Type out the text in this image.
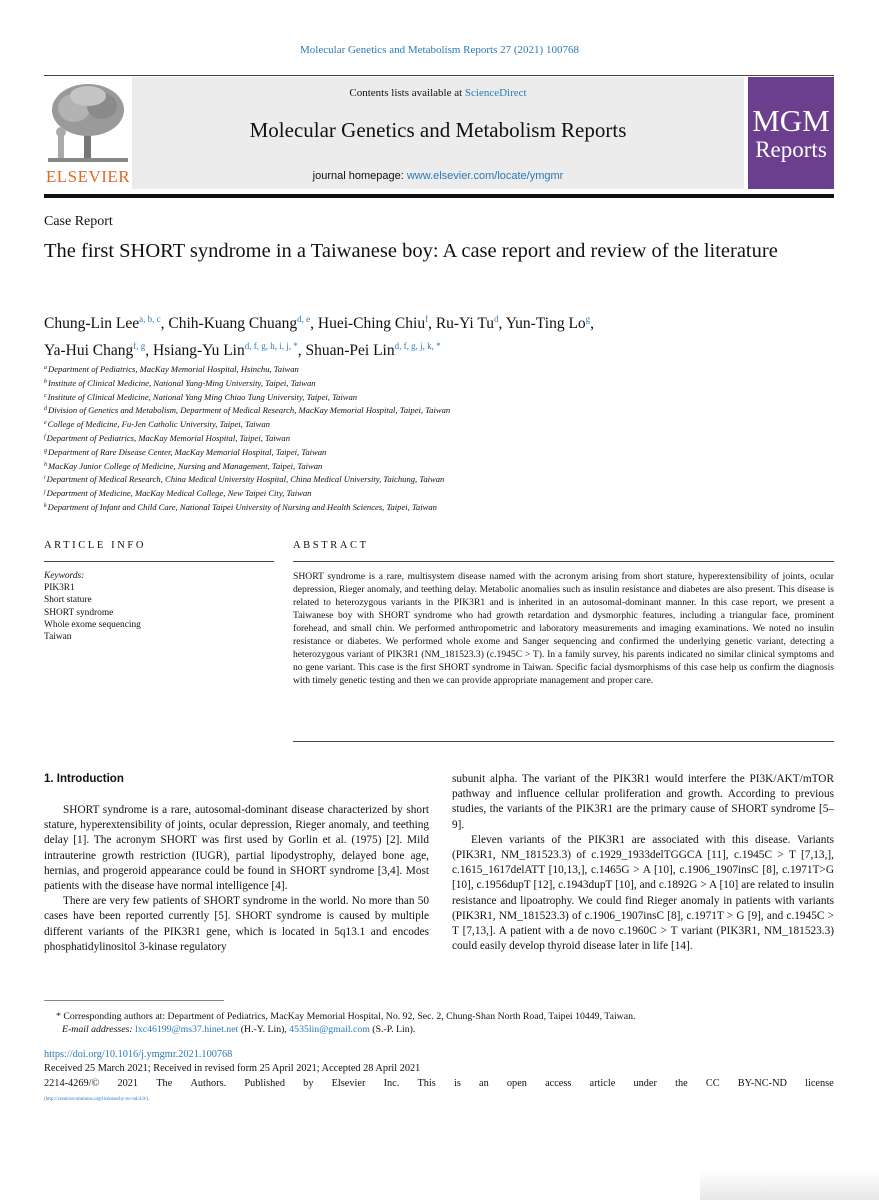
Molecular Genetics and Metabolism Reports 27 (2021) 100768
Contents lists available at ScienceDirect
Molecular Genetics and Metabolism Reports
journal homepage: www.elsevier.com/locate/ymgmr
ELSEVIER
MGM
Reports
Case Report
The first SHORT syndrome in a Taiwanese boy: A case report and review of the literature
Chung-Lin Lee$^{a, b, c}$, Chih-Kuang Chuang$^{d, e}$, Huei-Ching Chiu$^f$, Ru-Yi Tu$^d$, Yun-Ting Lo$^g$,
Ya-Hui Chang$^{f, g}$, Hsiang-Yu Lin$^{d, f, g, h, i, j, *}$, Shuan-Pei Lin$^{d, f, g, j, k, *}$
$^a$Department of Pediatrics, MacKay Memorial Hospital, Hsinchu, Taiwan
$^b$Institute of Clinical Medicine, National Yang-Ming University, Taipei, Taiwan
$^c$Institute of Clinical Medicine, National Yang Ming Chiao Tung University, Taipei, Taiwan
$^d$Division of Genetics and Metabolism, Department of Medical Research, MacKay Memorial Hospital, Taipei, Taiwan
$^e$College of Medicine, Fu-Jen Catholic University, Taipei, Taiwan
$^f$Department of Pediatrics, MacKay Memorial Hospital, Taipei, Taiwan
$^g$Department of Rare Disease Center, MacKay Memorial Hospital, Taipei, Taiwan
$^h$MacKay Junior College of Medicine, Nursing and Management, Taipei, Taiwan
$^i$Department of Medical Research, China Medical University Hospital, China Medical University, Taichung, Taiwan
$^j$Department of Medicine, MacKay Medical College, New Taipei City, Taiwan
$^k$Department of Infant and Child Care, National Taipei University of Nursing and Health Sciences, Taipei, Taiwan
ARTICLE INFO
Keywords:
PIK3R1
Short stature
SHORT syndrome
Whole exome sequencing
Taiwan
ABSTRACT
SHORT syndrome is a rare, multisystem disease named with the acronym arising from short stature, hyperextensibility of joints, ocular depression, Rieger anomaly, and teething delay. Metabolic anomalies such as insulin resistance and diabetes are also present. This disease is related to heterozygous variants in the PIK3R1 and is inherited in an autosomal-dominant manner. In this case report, we present a Taiwanese boy with SHORT syndrome who had growth retardation and dysmorphic features, including a triangular face, prominent forehead, and small chin. We performed anthropometric and laboratory measurements and imaging examinations. We noted no insulin resistance or diabetes. We performed whole exome and Sanger sequencing and confirmed the underlying genetic variant, detecting a heterozygous variant of PIK3R1 (NM_181523.3) (c.1945C > T). In a family survey, his parents indicated no similar clinical symptoms and no gene variant. This case is the first SHORT syndrome in Taiwan. Specific facial dysmorphisms of this case help us confirm the diagnosis with timely genetic testing and then we can provide appropriate management and proper care.
1. Introduction

SHORT syndrome is a rare, autosomal-dominant disease characterized by short stature, hyperextensibility of joints, ocular depression, Rieger anomaly, and teething delay [1]. The acronym SHORT was first used by Gorlin et al. (1975) [2]. Mild intrauterine growth restriction (IUGR), partial lipodystrophy, delayed bone age, hernias, and progeroid appearance could be found in SHORT syndrome [3,4]. Most patients with the disease have normal intelligence [4].

There are very few patients of SHORT syndrome in the world. No more than 50 cases have been reported currently [5]. SHORT syndrome is caused by multiple different variants of the PIK3R1 gene, which is located in 5q13.1 and encodes phosphatidylinositol 3-kinase regulatory

subunit alpha. The variant of the PIK3R1 would interfere the PI3K/AKT/mTOR pathway and influence cellular proliferation and growth. According to previous studies, the variants of the PIK3R1 are the primary cause of SHORT syndrome [5–9].

Eleven variants of the PIK3R1 are associated with this disease. Variants (PIK3R1, NM_181523.3) of c.1929_1933delTGGCA [11], c.1945C > T [7,13,], c.1615_1617delATT [10,13,], c.1465G > A [10], c.1906_1907insC [8], c.1971T>G [10], c.1956dupT [12], c.1943dupT [10], and c.1892G > A [10] are related to insulin resistance and lipoatrophy. We could find Rieger anomaly in patients with variants (PIK3R1, NM_181523.3) of c.1906_1907insC [8], c.1971T > G [9], and c.1945C > T [7,13,]. A patient with a de novo c.1960C > T variant (PIK3R1, NM_181523.3) could easily develop thyroid disease later in life [14].

* Corresponding authors at: Department of Pediatrics, MacKay Memorial Hospital, No. 92, Sec. 2, Chung-Shan North Road, Taipei 10449, Taiwan.
E-mail addresses: lxc46199@ms37.hinet.net (H.-Y. Lin), 4535lin@gmail.com (S.-P. Lin).
https://doi.org/10.1016/j.ymgmr.2021.100768
Received 25 March 2021; Received in revised form 25 April 2021; Accepted 28 April 2021
2214-4269/© 2021 The Authors. Published by Elsevier Inc. This is an open access article under the CC BY-NC-ND license
(http://creativecommons.org/licenses/by-nc-nd/4.0/).
